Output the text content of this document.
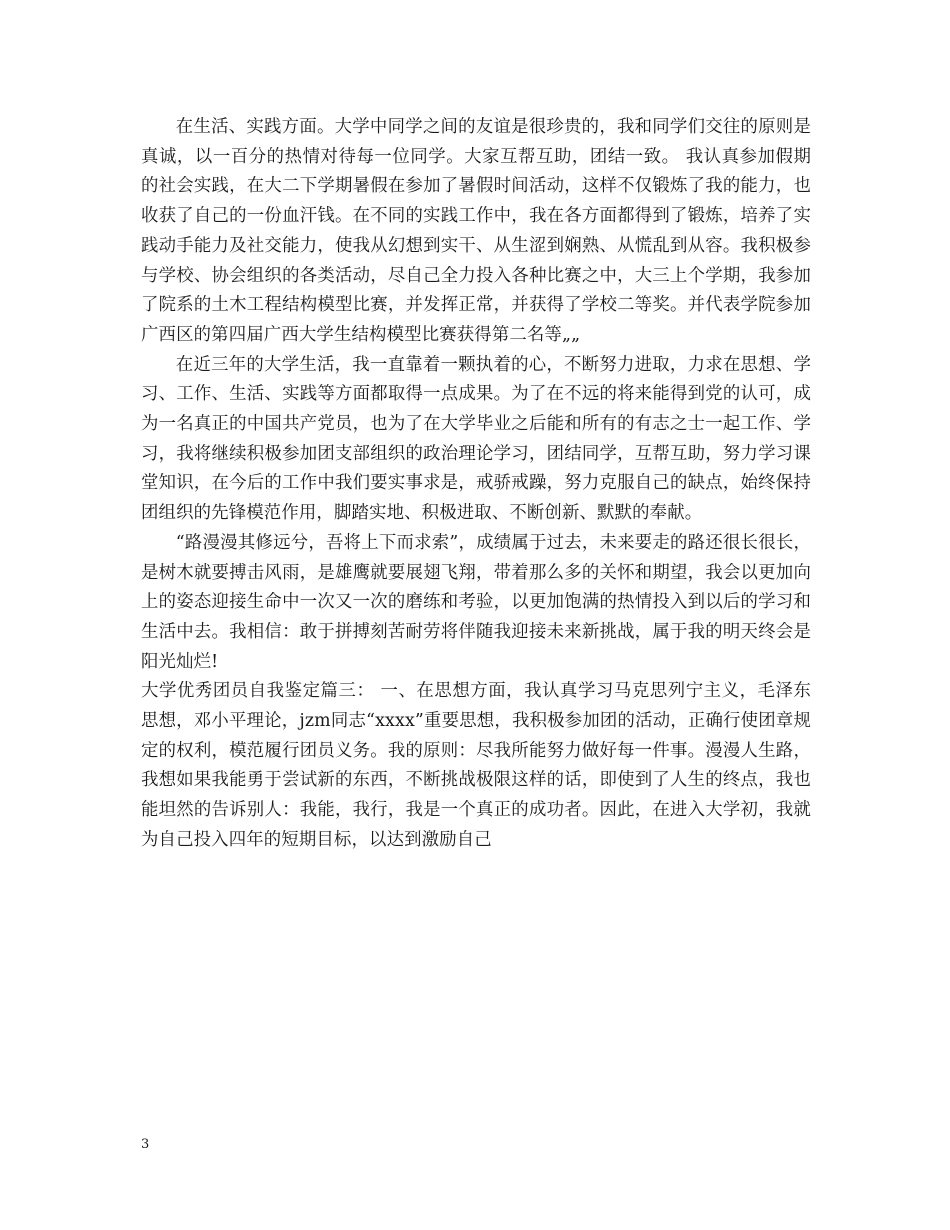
在生活、实践方面。大学中同学之间的友谊是很珍贵的，我和同学们交往的原则是真诚，以一百分的热情对待每一位同学。大家互帮互助，团结一致。 我认真参加假期的社会实践，在大二下学期暑假在参加了暑假时间活动，这样不仅锻炼了我的能力，也收获了自己的一份血汗钱。在不同的实践工作中，我在各方面都得到了锻炼，培养了实践动手能力及社交能力，使我从幻想到实干、从生涩到娴熟、从慌乱到从容。我积极参与学校、协会组织的各类活动，尽自己全力投入各种比赛之中，大三上个学期，我参加了院系的土木工程结构模型比赛，并发挥正常，并获得了学校二等奖。并代表学院参加广西区的第四届广西大学生结构模型比赛获得第二名等„„

在近三年的大学生活，我一直靠着一颗执着的心，不断努力进取，力求在思想、学习、工作、生活、实践等方面都取得一点成果。为了在不远的将来能得到党的认可，成为一名真正的中国共产党员，也为了在大学毕业之后能和所有的有志之士一起工作、学习，我将继续积极参加团支部组织的政治理论学习，团结同学，互帮互助，努力学习课堂知识，在今后的工作中我们要实事求是，戒骄戒躁，努力克服自己的缺点，始终保持团组织的先锋模范作用，脚踏实地、积极进取、不断创新、默默的奉献。

“路漫漫其修远兮，吾将上下而求索”，成绩属于过去，未来要走的路还很长很长，是树木就要搏击风雨，是雄鹰就要展翅飞翔，带着那么多的关怀和期望，我会以更加向上的姿态迎接生命中一次又一次的磨练和考验，以更加饱满的热情投入到以后的学习和生活中去。我相信：敢于拼搏刻苦耐劳将伴随我迎接未来新挑战，属于我的明天终会是阳光灿烂!

大学优秀团员自我鉴定篇三： 一、在思想方面，我认真学习马克思列宁主义，毛泽东思想，邓小平理论，jzm同志“xxxx”重要思想，我积极参加团的活动，正确行使团章规定的权利，模范履行团员义务。我的原则：尽我所能努力做好每一件事。漫漫人生路，我想如果我能勇于尝试新的东西，不断挑战极限这样的话，即使到了人生的终点，我也能坦然的告诉别人：我能，我行，我是一个真正的成功者。因此，在进入大学初，我就为自己投入四年的短期目标，以达到激励自己

3
